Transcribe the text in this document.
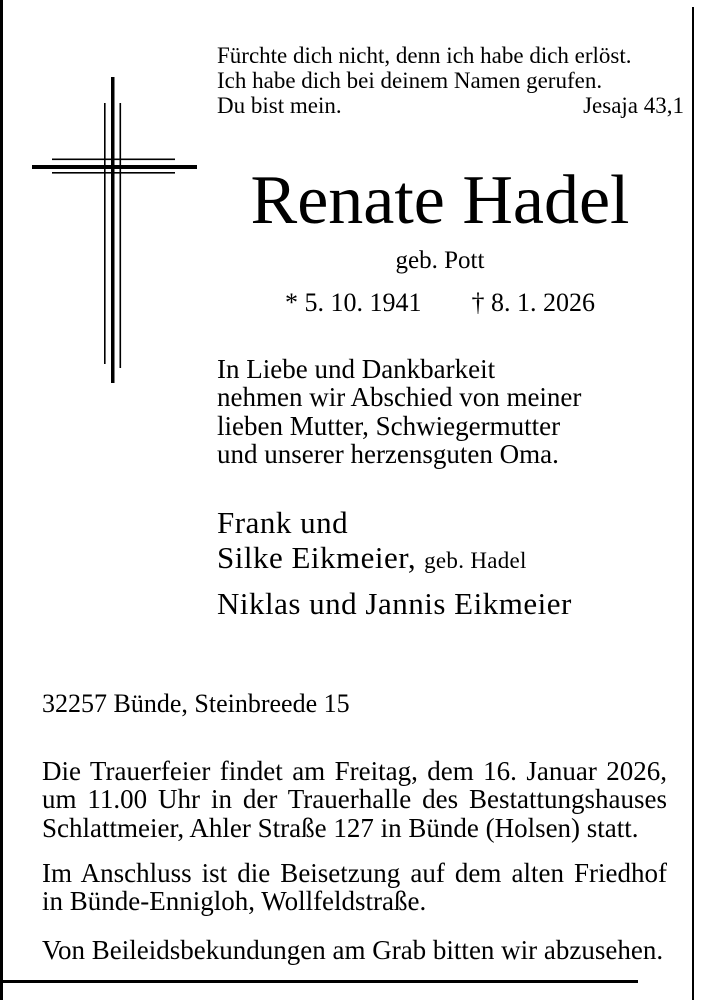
Fürchte dich nicht, denn ich habe dich erlöst.
Ich habe dich bei deinem Namen gerufen.
Du bist mein.	Jesaja 43,1
Renate Hadel
geb. Pott
* 5. 10. 1941 † 8. 1. 2026
In Liebe und Dankbarkeit
nehmen wir Abschied von meiner
lieben Mutter, Schwiegermutter
und unserer herzensguten Oma.
Frank und
Silke Eikmeier, geb. Hadel
Niklas und Jannis Eikmeier
32257 Bünde, Steinbreede 15
Die Trauerfeier findet am Freitag, dem 16. Januar 2026, um 11.00 Uhr in der Trauerhalle des Bestattungshauses Schlattmeier, Ahler Straße 127 in Bünde (Holsen) statt.
Im Anschluss ist die Beisetzung auf dem alten Friedhof in Bünde-Ennigloh, Wollfeldstraße.
Von Beileidsbekundungen am Grab bitten wir abzusehen.
